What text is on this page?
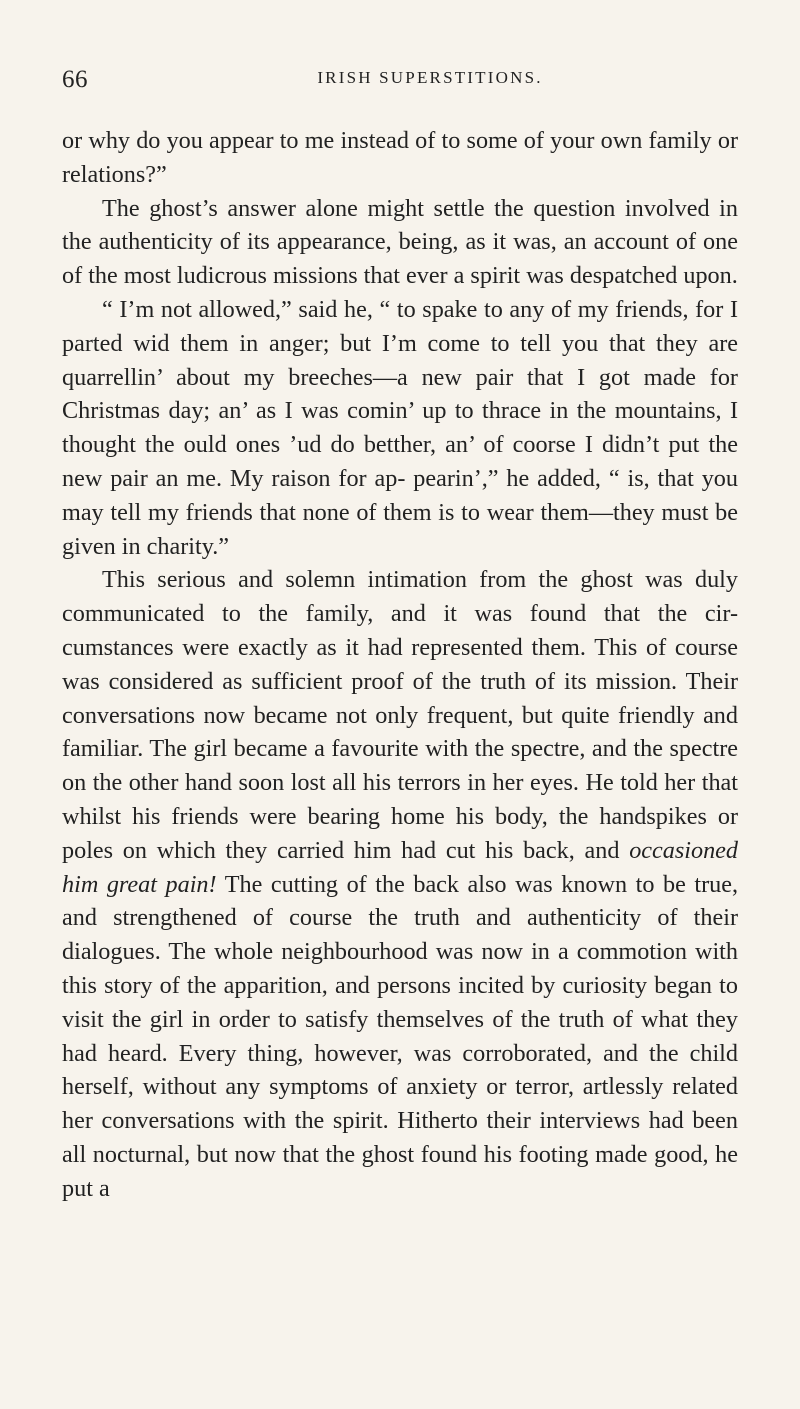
66	IRISH SUPERSTITIONS.

or why do you appear to me instead of to some of your own family or relations?”

The ghost’s answer alone might settle the question involved in the authenticity of its appearance, being, as it was, an account of one of the most ludicrous missions that ever a spirit was despatched upon.

“ I’m not allowed,” said he, “ to spake to any of my friends, for I parted wid them in anger; but I’m come to tell you that they are quarrellin’ about my breeches—a new pair that I got made for Christmas day; an’ as I was comin’ up to thrace in the mountains, I thought the ould ones ’ud do betther, an’ of coorse I didn’t put the new pair an me. My raison for ap- pearin’,” he added, “ is, that you may tell my friends that none of them is to wear them—they must be given in charity.”

This serious and solemn intimation from the ghost was duly communicated to the family, and it was found that the cir- cumstances were exactly as it had represented them. This of course was considered as sufficient proof of the truth of its mission. Their conversations now became not only frequent, but quite friendly and familiar. The girl became a favourite with the spectre, and the spectre on the other hand soon lost all his terrors in her eyes. He told her that whilst his friends were bearing home his body, the handspikes or poles on which they carried him had cut his back, and occasioned him great pain! The cutting of the back also was known to be true, and strengthened of course the truth and authenticity of their dialogues. The whole neighbourhood was now in a commotion with this story of the apparition, and persons incited by curiosity began to visit the girl in order to satisfy themselves of the truth of what they had heard. Every thing, however, was corroborated, and the child herself, without any symptoms of anxiety or terror, artlessly related her conversations with the spirit. Hitherto their interviews had been all nocturnal, but now that the ghost found his footing made good, he put a
